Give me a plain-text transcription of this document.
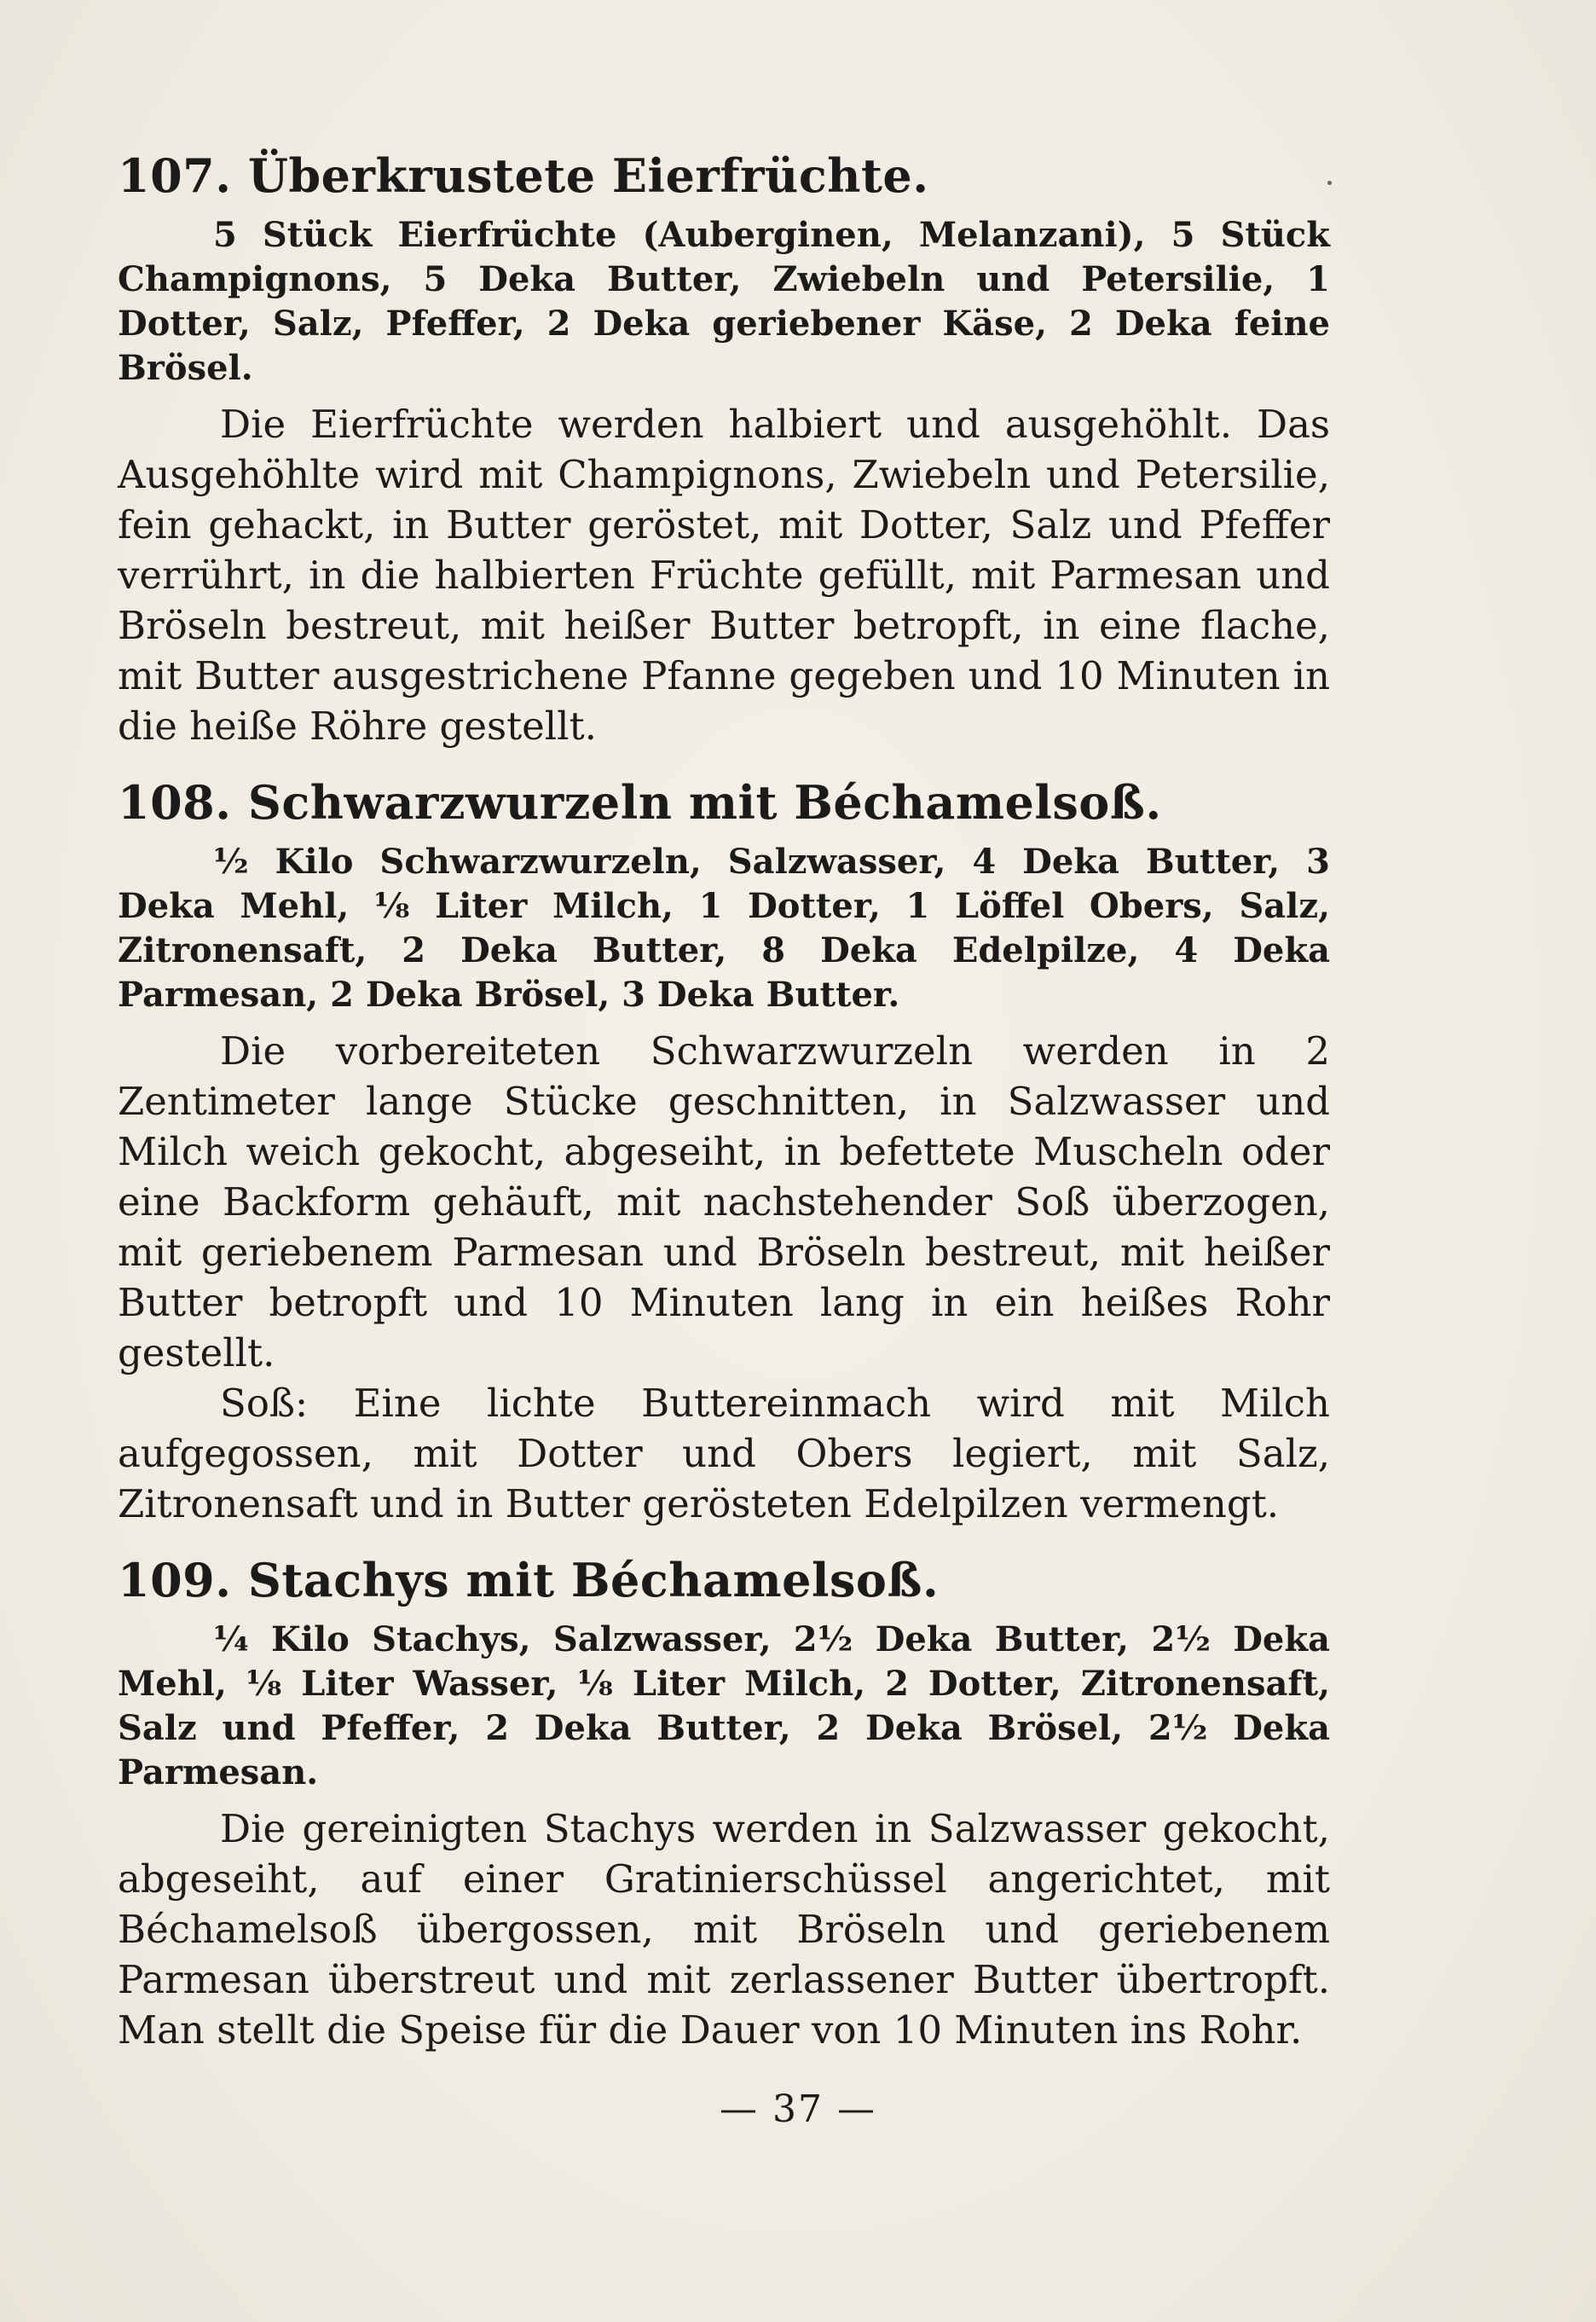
107. Überkrustete Eierfrüchte.

5 Stück Eierfrüchte (Auberginen, Melanzani), 5 Stück Champignons, 5 Deka Butter, Zwiebeln und Petersilie, 1 Dotter, Salz, Pfeffer, 2 Deka geriebener Käse, 2 Deka feine Brösel.

Die Eierfrüchte werden halbiert und ausgehöhlt. Das Ausgehöhlte wird mit Champignons, Zwiebeln und Petersilie, fein gehackt, in Butter geröstet, mit Dotter, Salz und Pfeffer verrührt, in die halbierten Früchte gefüllt, mit Parmesan und Bröseln bestreut, mit heißer Butter betropft, in eine flache, mit Butter ausgestrichene Pfanne gegeben und 10 Minuten in die heiße Röhre gestellt.

108. Schwarzwurzeln mit Béchamelsoß.

½ Kilo Schwarzwurzeln, Salzwasser, 4 Deka Butter, 3 Deka Mehl, ⅛ Liter Milch, 1 Dotter, 1 Löffel Obers, Salz, Zitronensaft, 2 Deka Butter, 8 Deka Edelpilze, 4 Deka Parmesan, 2 Deka Brösel, 3 Deka Butter.

Die vorbereiteten Schwarzwurzeln werden in 2 Zentimeter lange Stücke geschnitten, in Salzwasser und Milch weich gekocht, abgeseiht, in befettete Muscheln oder eine Backform gehäuft, mit nachstehender Soß überzogen, mit geriebenem Parmesan und Bröseln bestreut, mit heißer Butter betropft und 10 Minuten lang in ein heißes Rohr gestellt.

Soß: Eine lichte Buttereinmach wird mit Milch aufgegossen, mit Dotter und Obers legiert, mit Salz, Zitronensaft und in Butter gerösteten Edelpilzen vermengt.

109. Stachys mit Béchamelsoß.

¼ Kilo Stachys, Salzwasser, 2½ Deka Butter, 2½ Deka Mehl, ⅛ Liter Wasser, ⅛ Liter Milch, 2 Dotter, Zitronensaft, Salz und Pfeffer, 2 Deka Butter, 2 Deka Brösel, 2½ Deka Parmesan.

Die gereinigten Stachys werden in Salzwasser gekocht, abgeseiht, auf einer Gratinierschüssel angerichtet, mit Béchamelsoß übergossen, mit Bröseln und geriebenem Parmesan überstreut und mit zerlassener Butter übertropft. Man stellt die Speise für die Dauer von 10 Minuten ins Rohr.

— 37 —
